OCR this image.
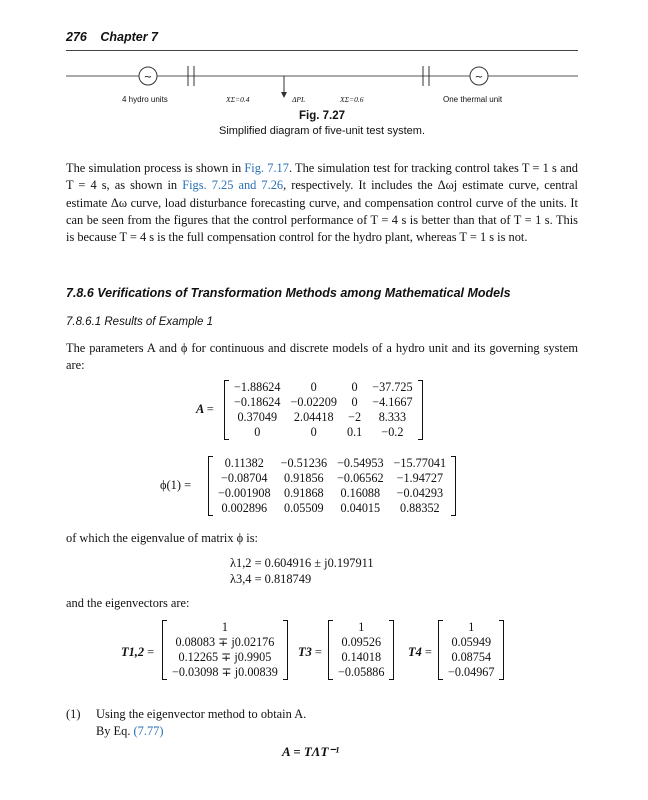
276 Chapter 7
~	~
4 hydro units	XΣ=0.4	ΔPL	XΣ=0.6	One thermal unit
Fig. 7.27
Simplified diagram of five-unit test system.
The simulation process is shown in Fig. 7.17. The simulation test for tracking control takes T = 1 s and T = 4 s, as shown in Figs. 7.25 and 7.26, respectively. It includes the Δωj estimate curve, central estimate Δω curve, load disturbance forecasting curve, and compensation control curve of the units. It can be seen from the figures that the control performance of T = 4 s is better than that of T = 1 s. This is because T = 4 s is the full compensation control for the hydro plant, whereas T = 1 s is not.
7.8.6 Verifications of Transformation Methods among Mathematical Models
7.8.6.1 Results of Example 1
The parameters A and ϕ for continuous and discrete models of a hydro unit and its governing system are:
A =
−1.88624	0	0	−37.725
−0.18624	−0.02209	0	−4.1667
0.37049	2.04418	−2	8.333
0	0	0.1	−0.2
ϕ(1) =
0.11382	−0.51236	−0.54953	−15.77041
−0.08704	0.91856	−0.06562	−1.94727
−0.001908	0.91868	0.16088	−0.04293
0.002896	0.05509	0.04015	0.88352
of which the eigenvalue of matrix ϕ is:
λ1,2 = 0.604916 ± j0.197911
λ3,4 = 0.818749
and the eigenvectors are:
T1,2 =
1
0.08083 ∓ j0.02176
0.12265 ∓ j0.9905
−0.03098 ∓ j0.00839
T3 =
1
0.09526
0.14018
−0.05886
T4 =
1
0.05949
0.08754
−0.04967
(1)	Using the eigenvector method to obtain A.
By Eq. (7.77)
A = TΛT⁻¹
